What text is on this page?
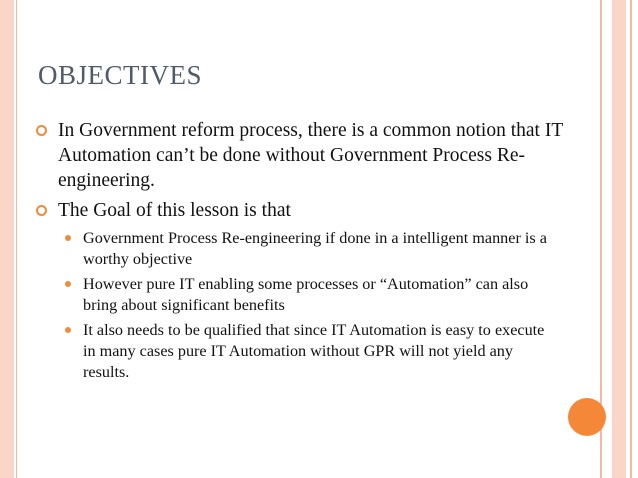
OBJECTIVES
In Government reform process, there is a common notion that IT Automation can’t be done without Government Process Re-engineering.
The Goal of this lesson is that
Government Process Re-engineering if done in a intelligent manner is a worthy objective
However pure IT enabling some processes or “Automation” can also bring about significant benefits
It also needs to be qualified that since IT Automation is easy to execute in many cases pure IT Automation without GPR will not yield any results.
